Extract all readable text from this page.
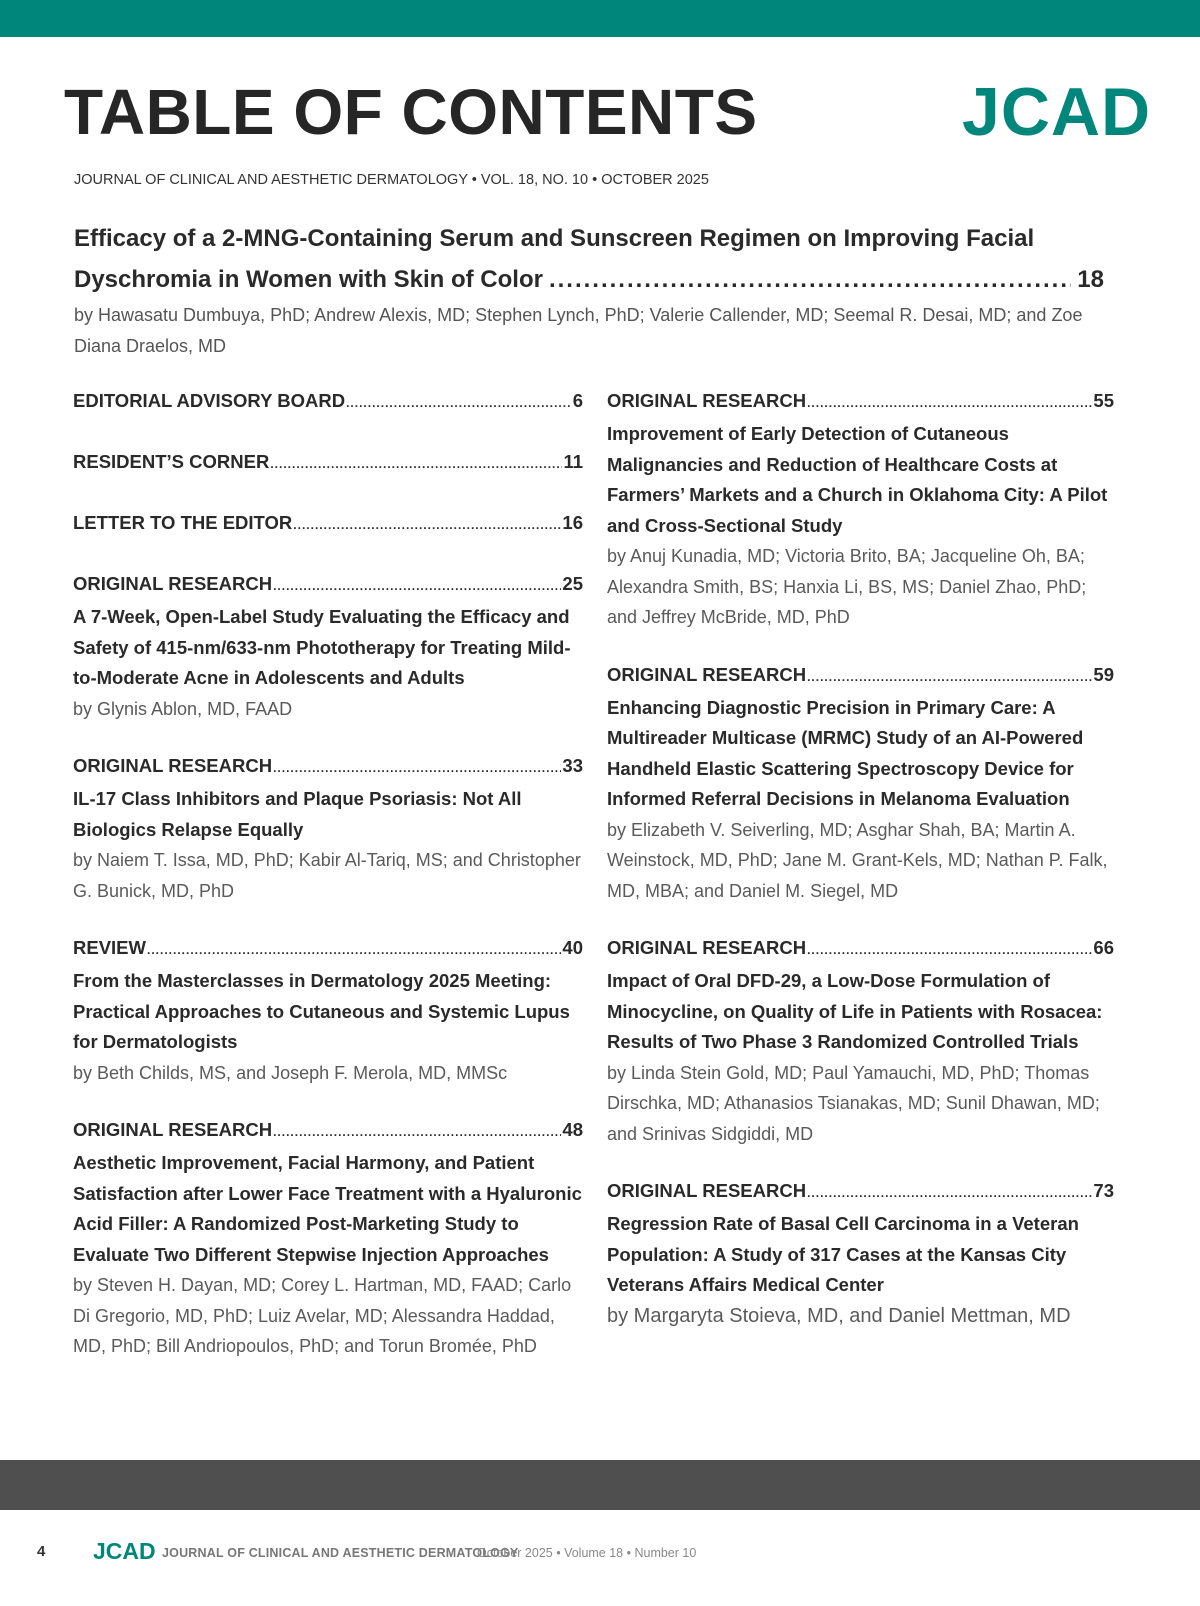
TABLE OF CONTENTS	JCAD
JOURNAL OF CLINICAL AND AESTHETIC DERMATOLOGY • VOL. 18, NO. 10 • OCTOBER 2025
Efficacy of a 2-MNG-Containing Serum and Sunscreen Regimen on Improving Facial
Dyschromia in Women with Skin of Color .....	18
by Hawasatu Dumbuya, PhD; Andrew Alexis, MD; Stephen Lynch, PhD; Valerie Callender, MD; Seemal R. Desai, MD; and Zoe Diana Draelos, MD
EDITORIAL ADVISORY BOARD .....	6
RESIDENT’S CORNER .....	11
LETTER TO THE EDITOR .....	16
ORIGINAL RESEARCH .....	25
A 7-Week, Open-Label Study Evaluating the Efficacy and Safety of 415-nm/633-nm Phototherapy for Treating Mild-to-Moderate Acne in Adolescents and Adults
by Glynis Ablon, MD, FAAD
ORIGINAL RESEARCH .....	33
IL-17 Class Inhibitors and Plaque Psoriasis: Not All Biologics Relapse Equally
by Naiem T. Issa, MD, PhD; Kabir Al-Tariq, MS; and Christopher G. Bunick, MD, PhD
REVIEW .....	40
From the Masterclasses in Dermatology 2025 Meeting: Practical Approaches to Cutaneous and Systemic Lupus for Dermatologists
by Beth Childs, MS, and Joseph F. Merola, MD, MMSc
ORIGINAL RESEARCH .....	48
Aesthetic Improvement, Facial Harmony, and Patient Satisfaction after Lower Face Treatment with a Hyaluronic Acid Filler: A Randomized Post-Marketing Study to Evaluate Two Different Stepwise Injection Approaches
by Steven H. Dayan, MD; Corey L. Hartman, MD, FAAD; Carlo Di Gregorio, MD, PhD; Luiz Avelar, MD; Alessandra Haddad, MD, PhD; Bill Andriopoulos, PhD; and Torun Bromée, PhD
ORIGINAL RESEARCH .....	55
Improvement of Early Detection of Cutaneous Malignancies and Reduction of Healthcare Costs at Farmers’ Markets and a Church in Oklahoma City: A Pilot and Cross-Sectional Study
by Anuj Kunadia, MD; Victoria Brito, BA; Jacqueline Oh, BA; Alexandra Smith, BS; Hanxia Li, BS, MS; Daniel Zhao, PhD; and Jeffrey McBride, MD, PhD
ORIGINAL RESEARCH .....	59
Enhancing Diagnostic Precision in Primary Care: A Multireader Multicase (MRMC) Study of an AI-Powered Handheld Elastic Scattering Spectroscopy Device for Informed Referral Decisions in Melanoma Evaluation
by Elizabeth V. Seiverling, MD; Asghar Shah, BA; Martin A. Weinstock, MD, PhD; Jane M. Grant-Kels, MD; Nathan P. Falk, MD, MBA; and Daniel M. Siegel, MD
ORIGINAL RESEARCH .....	66
Impact of Oral DFD-29, a Low-Dose Formulation of Minocycline, on Quality of Life in Patients with Rosacea: Results of Two Phase 3 Randomized Controlled Trials
by Linda Stein Gold, MD; Paul Yamauchi, MD, PhD; Thomas Dirschka, MD; Athanasios Tsianakas, MD; Sunil Dhawan, MD; and Srinivas Sidgiddi, MD
ORIGINAL RESEARCH .....	73
Regression Rate of Basal Cell Carcinoma in a Veteran Population: A Study of 317 Cases at the Kansas City Veterans Affairs Medical Center
by Margaryta Stoieva, MD, and Daniel Mettman, MD
4 JCAD JOURNAL OF CLINICAL AND AESTHETIC DERMATOLOGY
October 2025 • Volume 18 • Number 10
